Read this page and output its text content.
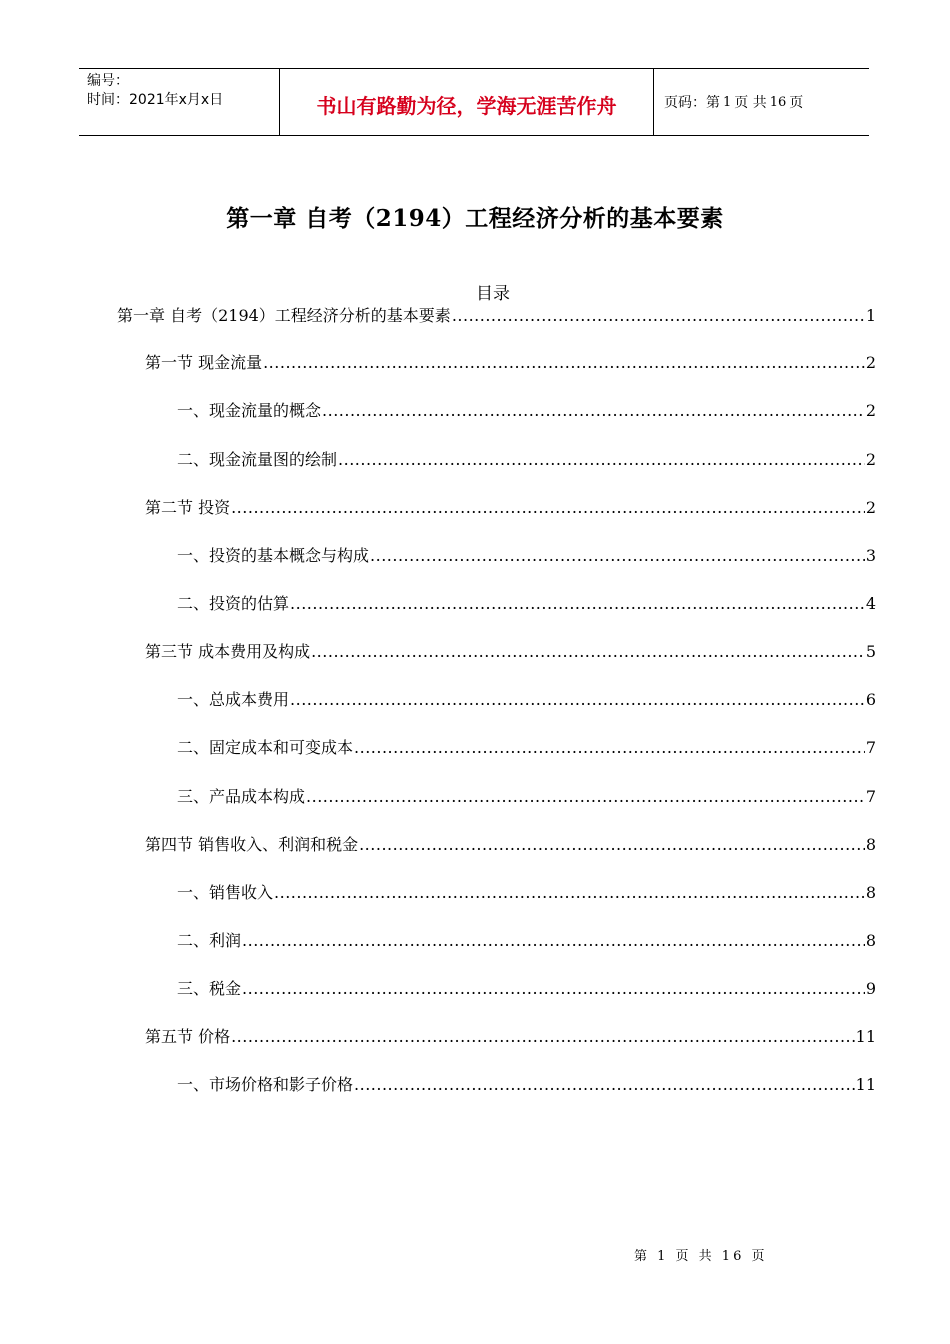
编号：
时间：2021年x月x日	书山有路勤为径，学海无涯苦作舟	页码：第 1 页 共 16 页
第一章 自考（2194）工程经济分析的基本要素
目录
第一章 自考（2194）工程经济分析的基本要素 .....	1
第一节 现金流量 .....	2
一、现金流量的概念 .....	2
二、现金流量图的绘制 .....	2
第二节 投资 .....	2
一、投资的基本概念与构成 .....	3
二、投资的估算 .....	4
第三节 成本费用及构成 .....	5
一、总成本费用 .....	6
二、固定成本和可变成本 .....	7
三、产品成本构成 .....	7
第四节 销售收入、利润和税金 .....	8
一、销售收入 .....	8
二、利润 .....	8
三、税金 .....	9
第五节 价格 .....	11
一、市场价格和影子价格 .....	11
第 1 页 共 16 页
